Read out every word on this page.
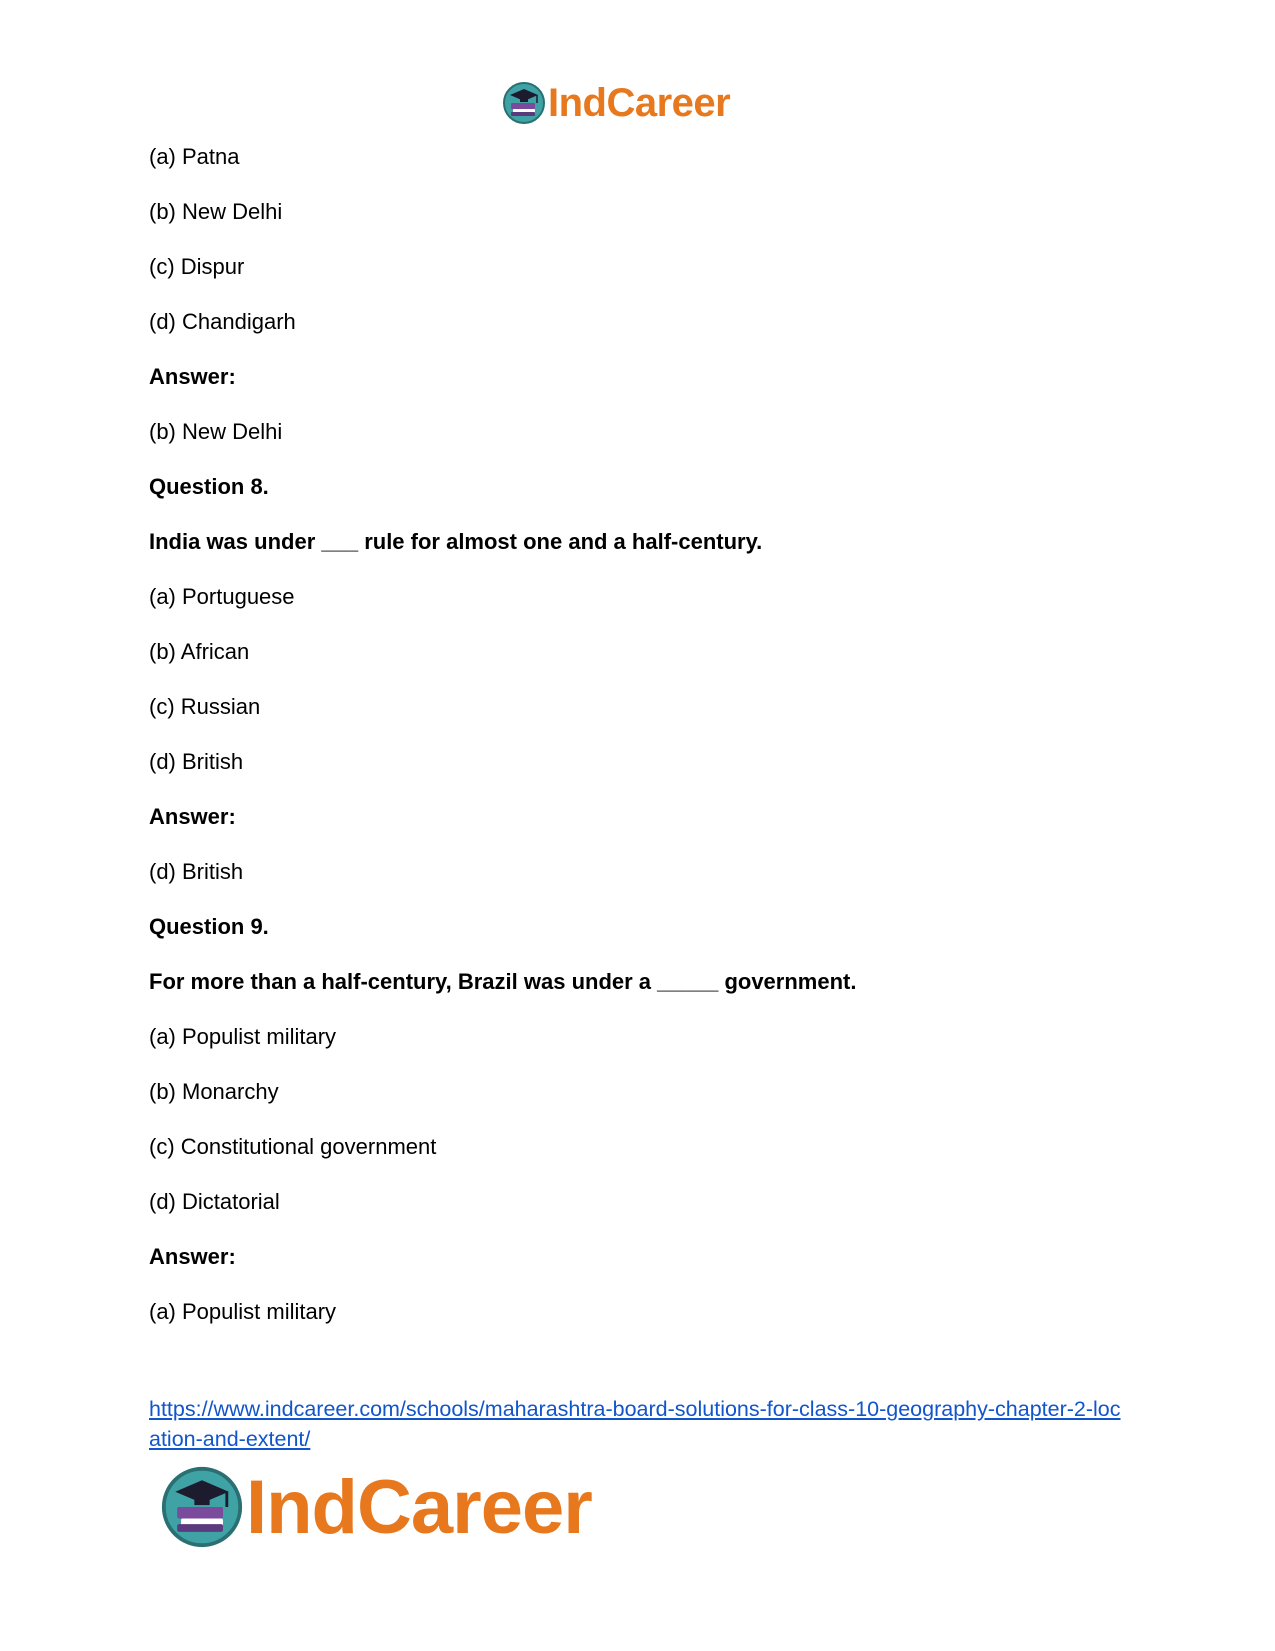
IndCareer
(a) Patna
(b) New Delhi
(c) Dispur
(d) Chandigarh
Answer:
(b) New Delhi
Question 8.
India was under ___ rule for almost one and a half-century.
(a) Portuguese
(b) African
(c) Russian
(d) British
Answer:
(d) British
Question 9.
For more than a half-century, Brazil was under a _____ government.
(a) Populist military
(b) Monarchy
(c) Constitutional government
(d) Dictatorial
Answer:
(a) Populist military
https://www.indcareer.com/schools/maharashtra-board-solutions-for-class-10-geography-chapter-2-location-and-extent/
IndCareer
